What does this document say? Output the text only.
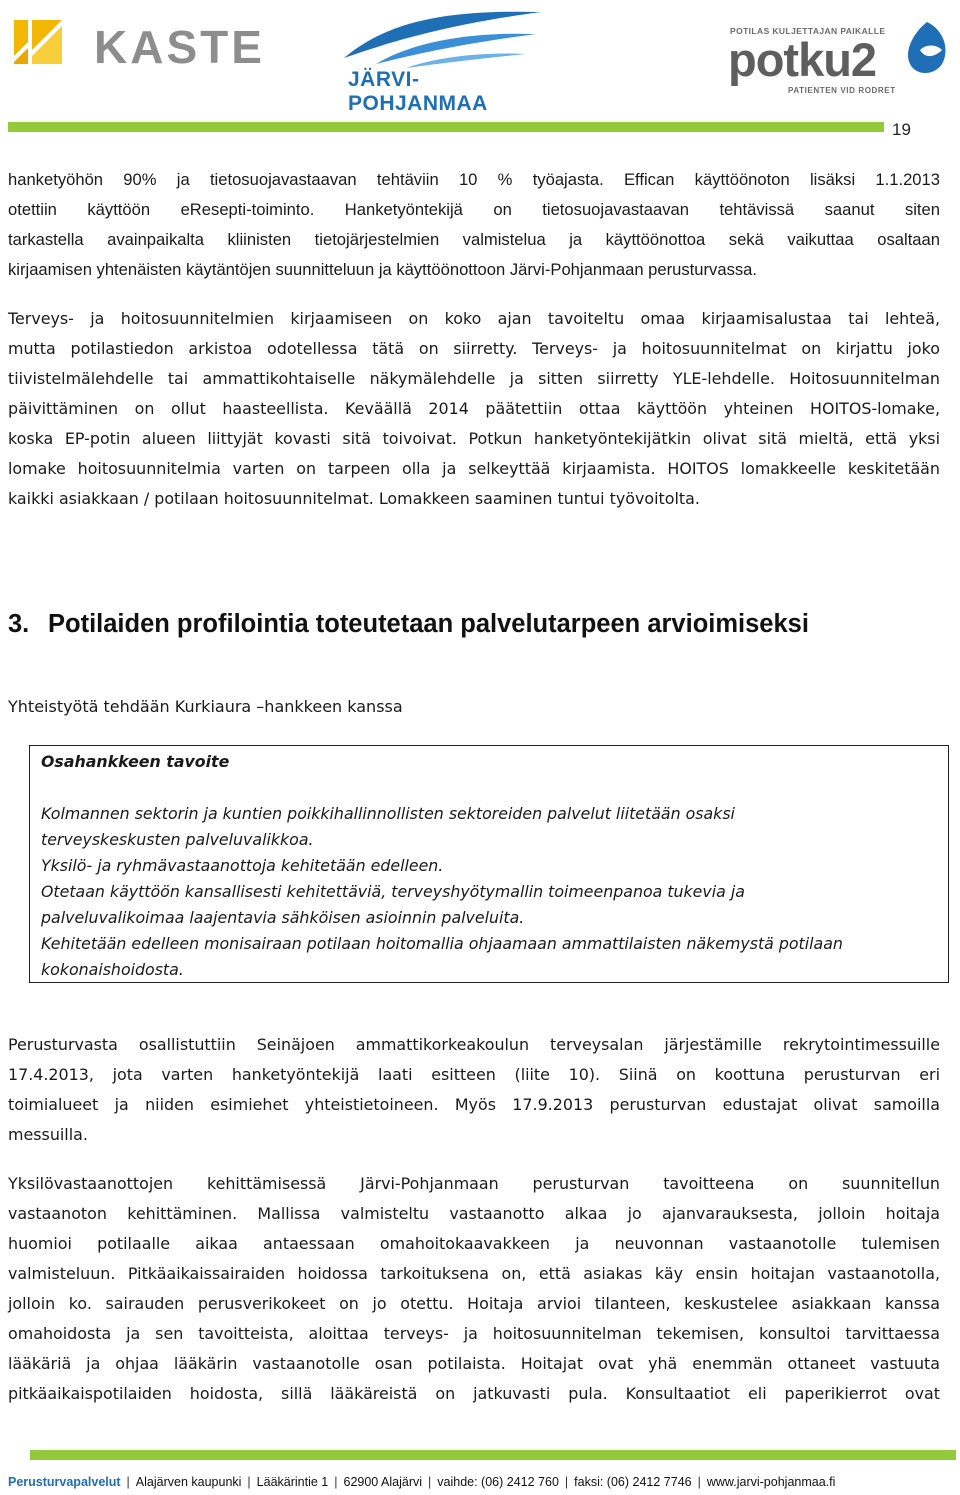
KASTE
JÄRVI-POHJANMAA
POTILAS KULJETTAJAN PAIKALLE
potku2
PATIENTEN VID RODRET
19
hanketyöhön 90% ja tietosuojavastaavan tehtäviin 10 % työajasta. Effican käyttöönoton lisäksi 1.1.2013
otettiin käyttöön eResepti-toiminto. Hanketyöntekijä on tietosuojavastaavan tehtävissä saanut siten
tarkastella avainpaikalta kliinisten tietojärjestelmien valmistelua ja käyttöönottoa sekä vaikuttaa osaltaan
kirjaamisen yhtenäisten käytäntöjen suunnitteluun ja käyttöönottoon Järvi-Pohjanmaan perusturvassa.
Terveys- ja hoitosuunnitelmien kirjaamiseen on koko ajan tavoiteltu omaa kirjaamisalustaa tai lehteä,
mutta potilastiedon arkistoa odotellessa tätä on siirretty. Terveys- ja hoitosuunnitelmat on kirjattu joko
tiivistelmälehdelle tai ammattikohtaiselle näkymälehdelle ja sitten siirretty YLE-lehdelle. Hoitosuunnitelman
päivittäminen on ollut haasteellista. Keväällä 2014 päätettiin ottaa käyttöön yhteinen HOITOS-lomake,
koska EP-potin alueen liittyjät kovasti sitä toivoivat. Potkun hanketyöntekijätkin olivat sitä mieltä, että yksi
lomake hoitosuunnitelmia varten on tarpeen olla ja selkeyttää kirjaamista. HOITOS lomakkeelle keskitetään
kaikki asiakkaan / potilaan hoitosuunnitelmat. Lomakkeen saaminen tuntui työvoitolta.
3. Potilaiden profilointia toteutetaan palvelutarpeen arvioimiseksi
Yhteistyötä tehdään Kurkiaura –hankkeen kanssa
Osahankkeen tavoite
Kolmannen sektorin ja kuntien poikkihallinnollisten sektoreiden palvelut liitetään osaksi
terveyskeskusten palveluvalikkoa.
Yksilö- ja ryhmävastaanottoja kehitetään edelleen.
Otetaan käyttöön kansallisesti kehitettäviä, terveyshyötymallin toimeenpanoa tukevia ja
palveluvalikoimaa laajentavia sähköisen asioinnin palveluita.
Kehitetään edelleen monisairaan potilaan hoitomallia ohjaamaan ammattilaisten näkemystä potilaan
kokonaishoidosta.
Perusturvasta osallistuttiin Seinäjoen ammattikorkeakoulun terveysalan järjestämille rekrytointimessuille
17.4.2013, jota varten hanketyöntekijä laati esitteen (liite 10). Siinä on koottuna perusturvan eri
toimialueet ja niiden esimiehet yhteistietoineen. Myös 17.9.2013 perusturvan edustajat olivat samoilla
messuilla.
Yksilövastaanottojen kehittämisessä Järvi-Pohjanmaan perusturvan tavoitteena on suunnitellun
vastaanoton kehittäminen. Mallissa valmisteltu vastaanotto alkaa jo ajanvarauksesta, jolloin hoitaja
huomioi potilaalle aikaa antaessaan omahoitokaavakkeen ja neuvonnan vastaanotolle tulemisen
valmisteluun. Pitkäaikaissairaiden hoidossa tarkoituksena on, että asiakas käy ensin hoitajan vastaanotolla,
jolloin ko. sairauden perusverikokeet on jo otettu. Hoitaja arvioi tilanteen, keskustelee asiakkaan kanssa
omahoidosta ja sen tavoitteista, aloittaa terveys- ja hoitosuunnitelman tekemisen, konsultoi tarvittaessa
lääkäriä ja ohjaa lääkärin vastaanotolle osan potilaista. Hoitajat ovat yhä enemmän ottaneet vastuuta
pitkäaikaispotilaiden hoidosta, sillä lääkäreistä on jatkuvasti pula. Konsultaatiot eli paperikierrot ovat
Perusturvapalvelut | Alajärven kaupunki | Lääkärintie 1 | 62900 Alajärvi | vaihde: (06) 2412 760 | faksi: (06) 2412 7746 | www.jarvi-pohjanmaa.fi
